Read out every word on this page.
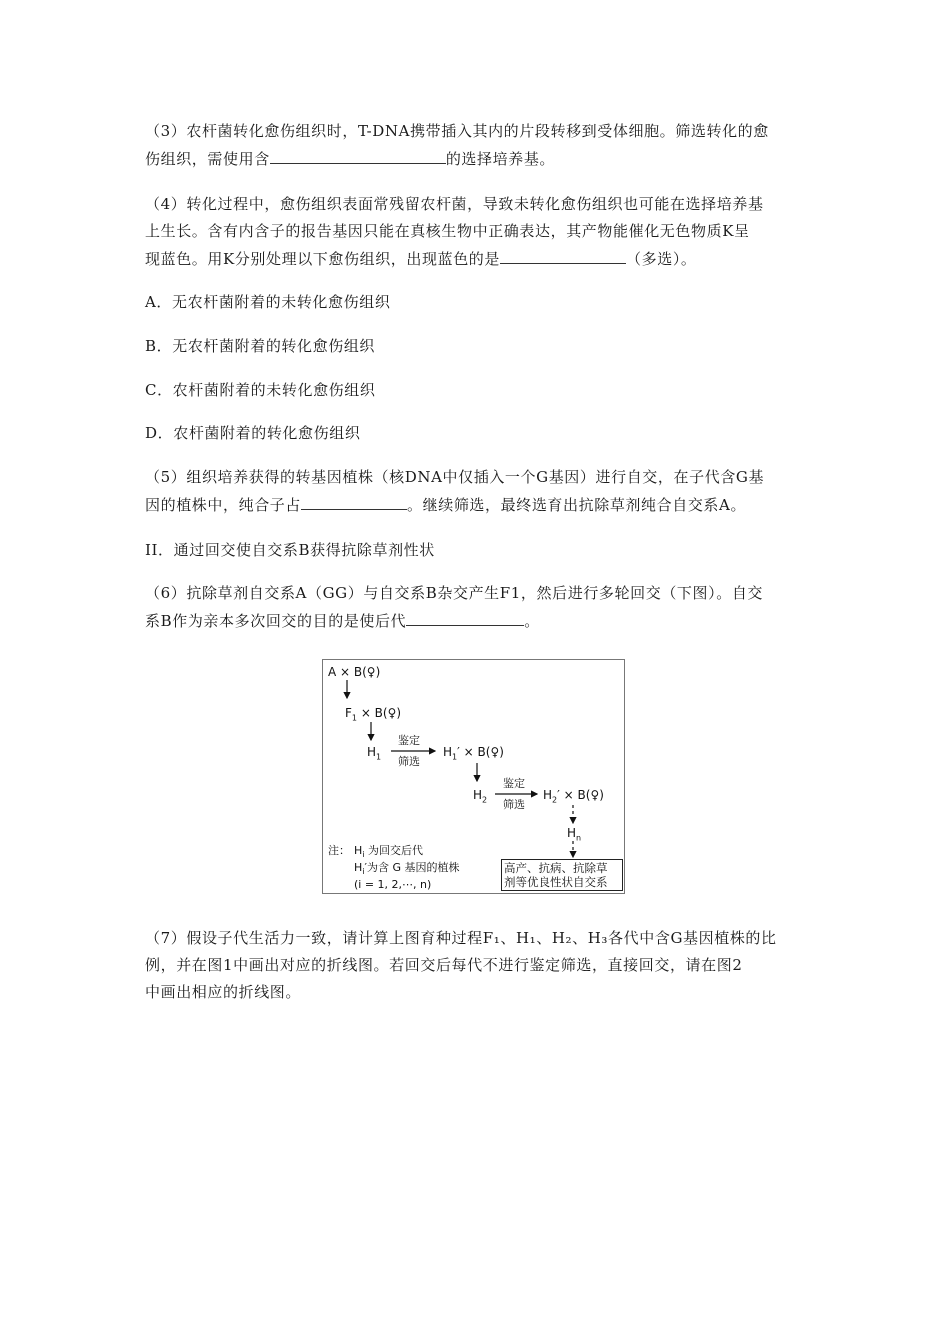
（3）农杆菌转化愈伤组织时，T-DNA携带插入其内的片段转移到受体细胞。筛选转化的愈
伤组织，需使用含	的选择培养基。
（4）转化过程中，愈伤组织表面常残留农杆菌，导致未转化愈伤组织也可能在选择培养基
上生长。含有内含子的报告基因只能在真核生物中正确表达，其产物能催化无色物质K呈
现蓝色。用K分别处理以下愈伤组织，出现蓝色的是	（多选）。
A．无农杆菌附着的未转化愈伤组织
B．无农杆菌附着的转化愈伤组织
C．农杆菌附着的未转化愈伤组织
D．农杆菌附着的转化愈伤组织
（5）组织培养获得的转基因植株（核DNA中仅插入一个G基因）进行自交，在子代含G基
因的植株中，纯合子占	。继续筛选，最终选育出抗除草剂纯合自交系A。
II．通过回交使自交系B获得抗除草剂性状
（6）抗除草剂自交系A（GG）与自交系B杂交产生F1，然后进行多轮回交（下图）。自交
系B作为亲本多次回交的目的是使后代	。
A × B(♀)
$F_1$ × B(♀)
$H_1$
鉴定
筛选
$H_1'$ × B(♀)
$H_2$
鉴定
筛选
$H_2'$ × B(♀)
$H_n$
注： $H_i$ 为回交后代
$H_i'$为含 G 基因的植株
(i = 1, 2,⋯, n)
高产、抗病、抗除草
剂等优良性状自交系
（7）假设子代生活力一致，请计算上图育种过程F₁、H₁、H₂、H₃各代中含G基因植株的比
例，并在图1中画出对应的折线图。若回交后每代不进行鉴定筛选，直接回交，请在图2
中画出相应的折线图。
